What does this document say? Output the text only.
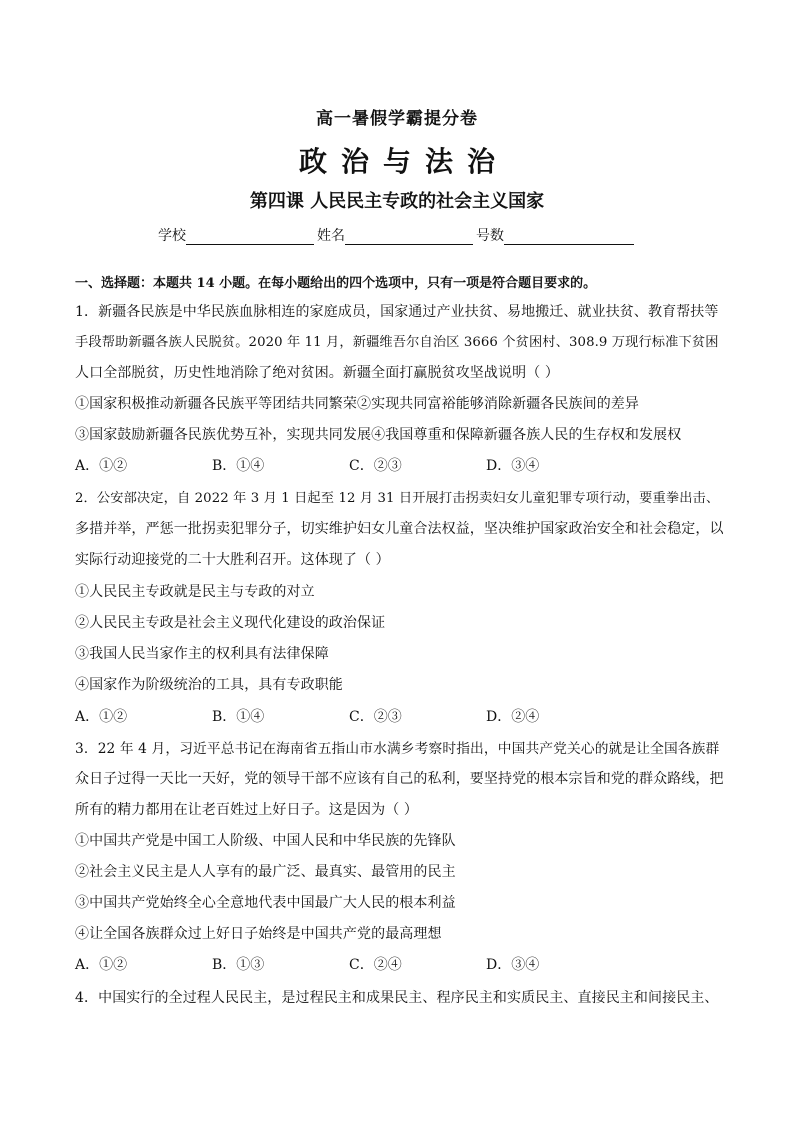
高一暑假学霸提分卷
政治与法治
第四课 人民民主专政的社会主义国家
学校	姓名	号数
一、选择题：本题共 14 小题。在每小题给出的四个选项中，只有一项是符合题目要求的。
1．新疆各民族是中华民族血脉相连的家庭成员，国家通过产业扶贫、易地搬迁、就业扶贫、教育帮扶等
手段帮助新疆各族人民脱贫。2020 年 11 月，新疆维吾尔自治区 3666 个贫困村、308.9 万现行标准下贫困
人口全部脱贫，历史性地消除了绝对贫困。新疆全面打赢脱贫攻坚战说明（ ）
①国家积极推动新疆各民族平等团结共同繁荣②实现共同富裕能够消除新疆各民族间的差异
③国家鼓励新疆各民族优势互补，实现共同发展④我国尊重和保障新疆各族人民的生存权和发展权
A．①②	B．①④	C．②③	D．③④
2．公安部决定，自 2022 年 3 月 1 日起至 12 月 31 日开展打击拐卖妇女儿童犯罪专项行动，要重拳出击、
多措并举，严惩一批拐卖犯罪分子，切实维护妇女儿童合法权益，坚决维护国家政治安全和社会稳定，以
实际行动迎接党的二十大胜利召开。这体现了（ ）
①人民民主专政就是民主与专政的对立
②人民民主专政是社会主义现代化建设的政治保证
③我国人民当家作主的权利具有法律保障
④国家作为阶级统治的工具，具有专政职能
A．①②	B．①④	C．②③	D．②④
3．22 年 4 月，习近平总书记在海南省五指山市水满乡考察时指出，中国共产党关心的就是让全国各族群
众日子过得一天比一天好，党的领导干部不应该有自己的私利，要坚持党的根本宗旨和党的群众路线，把
所有的精力都用在让老百姓过上好日子。这是因为（ ）
①中国共产党是中国工人阶级、中国人民和中华民族的先锋队
②社会主义民主是人人享有的最广泛、最真实、最管用的民主
③中国共产党始终全心全意地代表中国最广大人民的根本利益
④让全国各族群众过上好日子始终是中国共产党的最高理想
A．①②	B．①③	C．②④	D．③④
4．中国实行的全过程人民民主，是过程民主和成果民主、程序民主和实质民主、直接民主和间接民主、
